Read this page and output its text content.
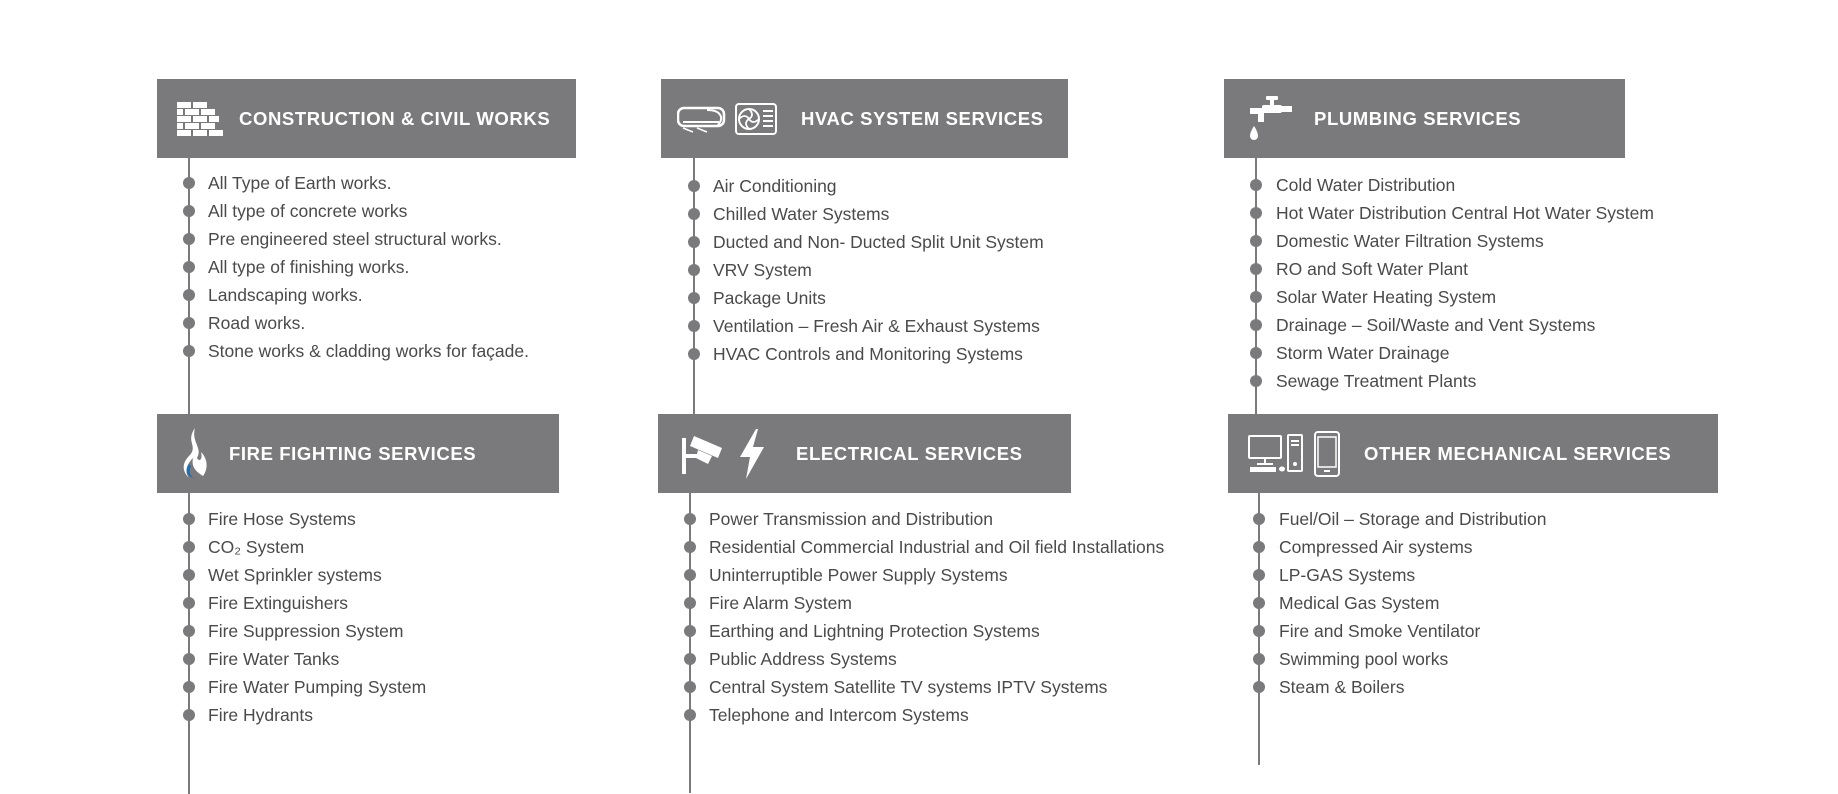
CONSTRUCTION & CIVIL WORKS
All Type of Earth works.
All type of concrete works
Pre engineered steel structural works.
All type of finishing works.
Landscaping works.
Road works.
Stone works & cladding works for façade.
HVAC SYSTEM SERVICES
Air Conditioning
Chilled Water Systems
Ducted and Non- Ducted Split Unit System
VRV System
Package Units
Ventilation – Fresh Air & Exhaust Systems
HVAC Controls and Monitoring Systems
PLUMBING SERVICES
Cold Water Distribution
Hot Water Distribution Central Hot Water System
Domestic Water Filtration Systems
RO and Soft Water Plant
Solar Water Heating System
Drainage – Soil/Waste and Vent Systems
Storm Water Drainage
Sewage Treatment Plants
FIRE FIGHTING SERVICES
Fire Hose Systems
CO₂ System
Wet Sprinkler systems
Fire Extinguishers
Fire Suppression System
Fire Water Tanks
Fire Water Pumping System
Fire Hydrants
ELECTRICAL SERVICES
Power Transmission and Distribution
Residential Commercial Industrial and Oil field Installations
Uninterruptible Power Supply Systems
Fire Alarm System
Earthing and Lightning Protection Systems
Public Address Systems
Central System Satellite TV systems IPTV Systems
Telephone and Intercom Systems
OTHER MECHANICAL SERVICES
Fuel/Oil – Storage and Distribution
Compressed Air systems
LP-GAS Systems
Medical Gas System
Fire and Smoke Ventilator
Swimming pool works
Steam & Boilers
